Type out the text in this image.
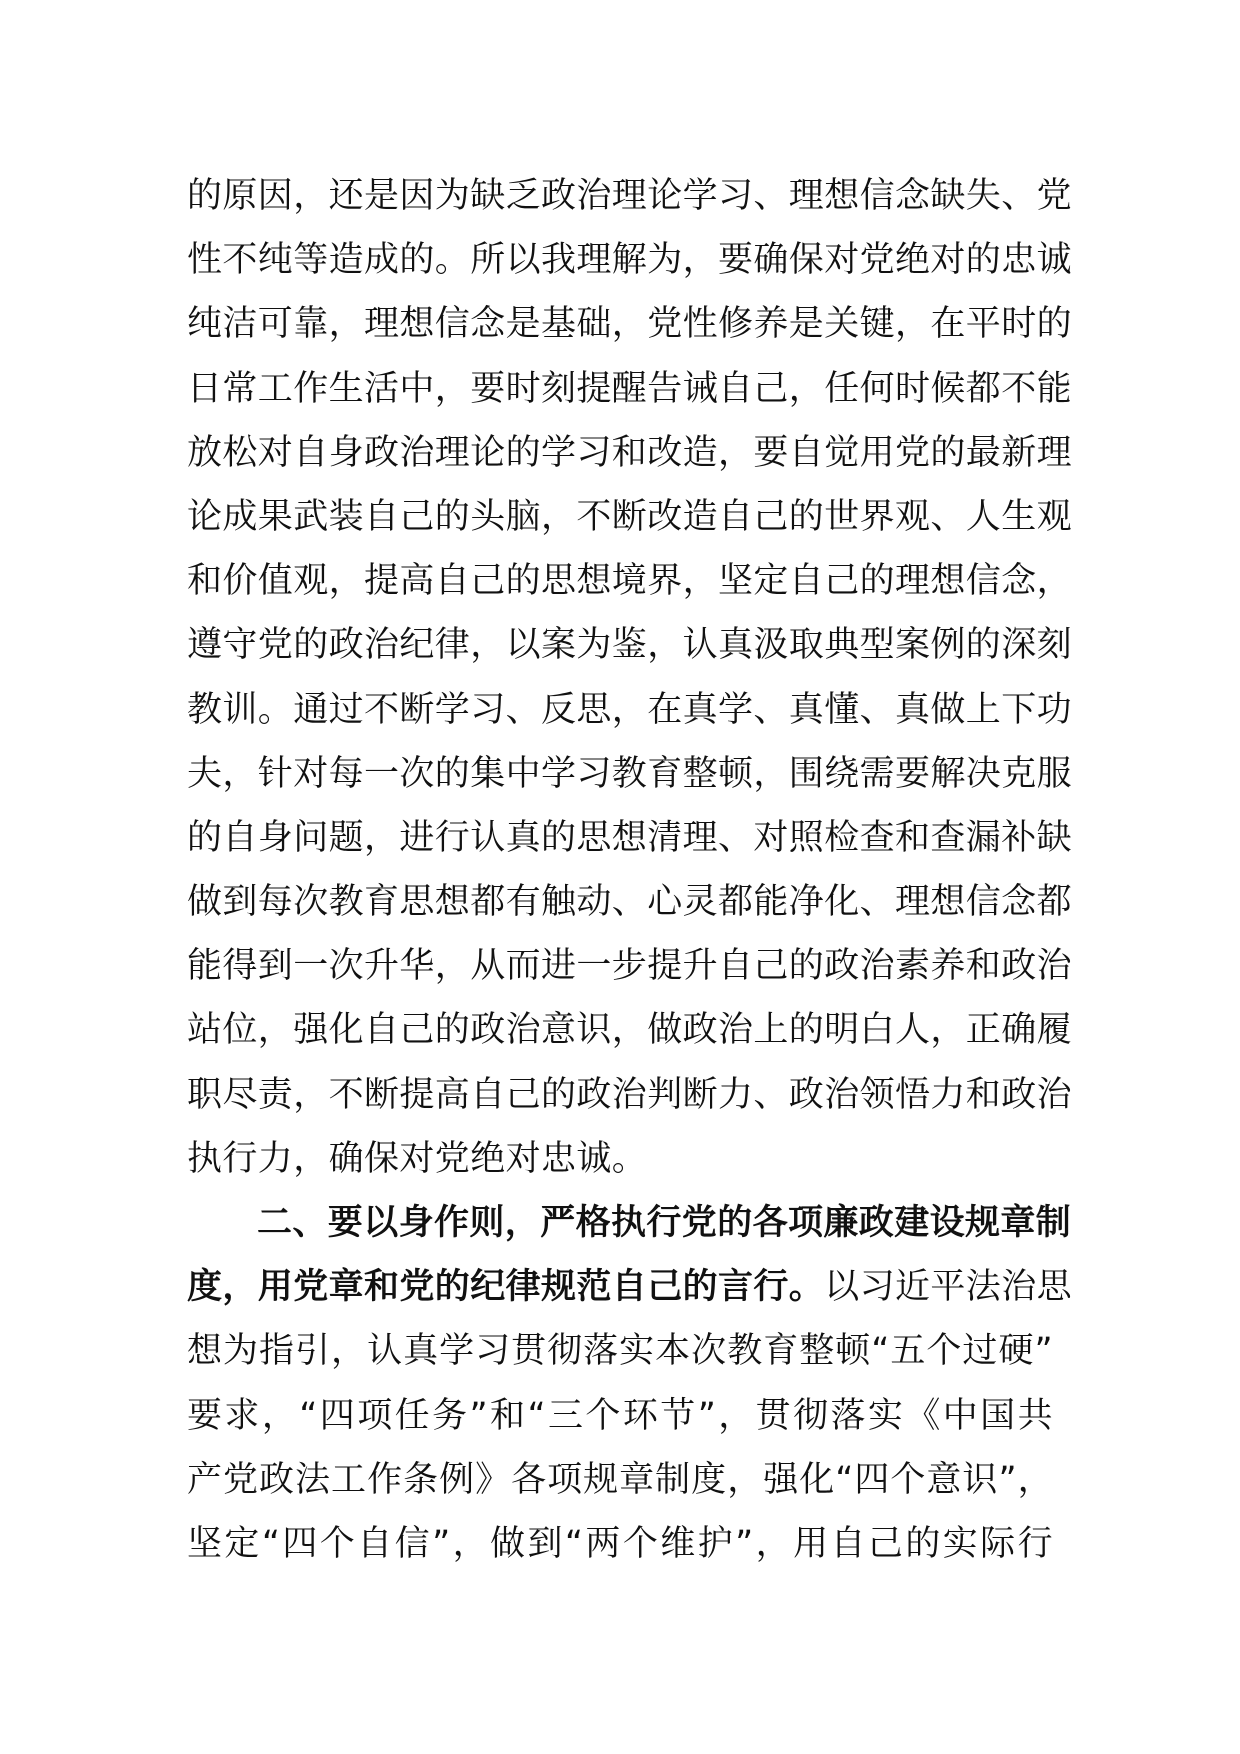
的原因，还是因为缺乏政治理论学习、理想信念缺失、党
性不纯等造成的。所以我理解为，要确保对党绝对的忠诚
纯洁可靠，理想信念是基础，党性修养是关键，在平时的
日常工作生活中，要时刻提醒告诫自己，任何时候都不能
放松对自身政治理论的学习和改造，要自觉用党的最新理
论成果武装自己的头脑，不断改造自己的世界观、人生观
和价值观，提高自己的思想境界，坚定自己的理想信念，
遵守党的政治纪律，以案为鉴，认真汲取典型案例的深刻
教训。通过不断学习、反思，在真学、真懂、真做上下功
夫，针对每一次的集中学习教育整顿，围绕需要解决克服
的自身问题，进行认真的思想清理、对照检查和查漏补缺
做到每次教育思想都有触动、心灵都能净化、理想信念都
能得到一次升华，从而进一步提升自己的政治素养和政治
站位，强化自己的政治意识，做政治上的明白人，正确履
职尽责，不断提高自己的政治判断力、政治领悟力和政治
执行力，确保对党绝对忠诚。
二、要以身作则，严格执行党的各项廉政建设规章制
度，用党章和党的纪律规范自己的言行。以习近平法治思
想为指引，认真学习贯彻落实本次教育整顿“五个过硬”
要求，“四项任务”和“三个环节”，贯彻落实《中国共
产党政法工作条例》各项规章制度，强化“四个意识”，
坚定“四个自信”，做到“两个维护”，用自己的实际行
